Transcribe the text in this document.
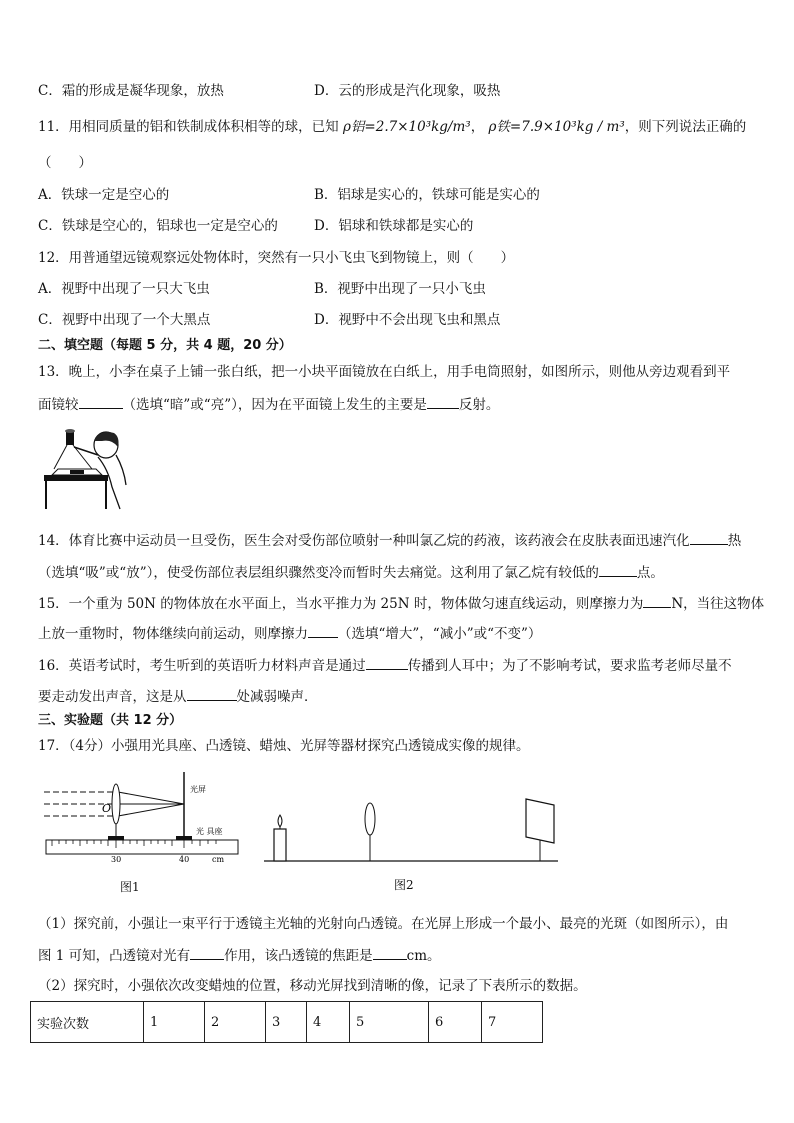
C．霜的形成是凝华现象，放热	D．云的形成是汽化现象，吸热
11．用相同质量的铝和铁制成体积相等的球，已知 ρ铝=2.7×10³kg/m³， ρ铁=7.9×10³kg / m³，则下列说法正确的
（　　）
A．铁球一定是空心的	B．铝球是实心的，铁球可能是实心的
C．铁球是空心的，铝球也一定是空心的	D．铝球和铁球都是实心的
12．用普通望远镜观察远处物体时，突然有一只小飞虫飞到物镜上，则（　　）
A．视野中出现了一只大飞虫	B．视野中出现了一只小飞虫
C．视野中出现了一个大黑点	D．视野中不会出现飞虫和黑点
二、填空题（每题 5 分，共 4 题，20 分）
13．晚上，小李在桌子上铺一张白纸，把一小块平面镜放在白纸上，用手电筒照射，如图所示，则他从旁边观看到平
面镜较	（选填“暗”或“亮”），因为在平面镜上发生的主要是 反射。
14．体育比赛中运动员一旦受伤，医生会对受伤部位喷射一种叫氯乙烷的药液，该药液会在皮肤表面迅速汽化	热
（选填“吸”或“放”），使受伤部位表层组织骤然变冷而暂时失去痛觉。这利用了氯乙烷有较低的	点。
15．一个重为 50N 的物体放在水平面上，当水平推力为 25N 时，物体做匀速直线运动，则摩擦力为 N，当往这物体
上放一重物时，物体继续向前运动，则摩擦力 （选填“增大”，“减小”或“不变”）
16．英语考试时，考生听到的英语听力材料声音是通过	传播到人耳中；为了不影响考试，要求监考老师尽量不
要走动发出声音，这是从	处减弱噪声．
三、实验题（共 12 分）
17．（4分）小强用光具座、凸透镜、蜡烛、光屏等器材探究凸透镜成实像的规律。
O
光屏
光 具座
30	40	cm
图1	图2
（1）探究前，小强让一束平行于透镜主光轴的光射向凸透镜。在光屏上形成一个最小、最亮的光斑（如图所示），由
图 1 可知，凸透镜对光有	作用，该凸透镜的焦距是	cm。
（2）探究时，小强依次改变蜡烛的位置，移动光屏找到清晰的像，记录了下表所示的数据。
实验次数	1	2	3	4	5	6	7
